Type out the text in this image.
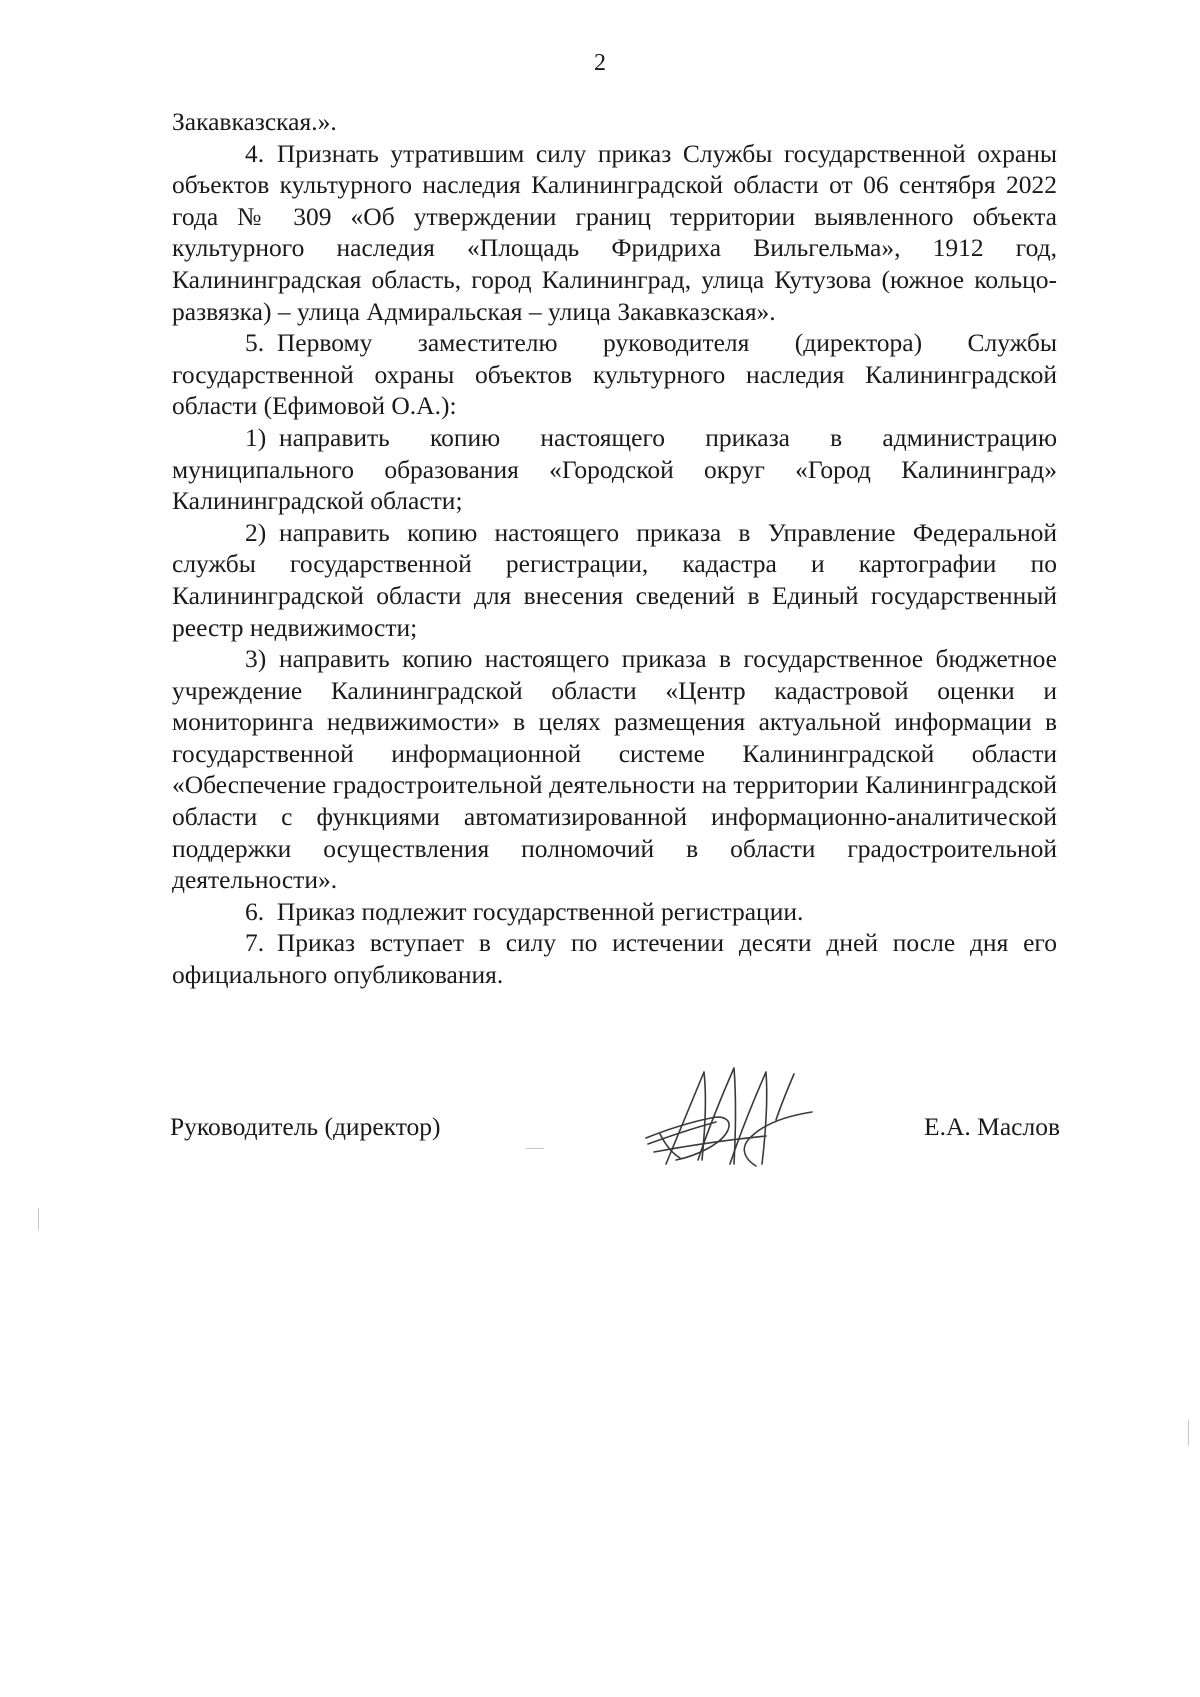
2

Закавказская.».

4. Признать утратившим силу приказ Службы государственной охраны объектов культурного наследия Калининградской области от 06 сентября 2022 года № 309 «Об утверждении границ территории выявленного объекта культурного наследия «Площадь Фридриха Вильгельма», 1912 год, Калининградская область, город Калининград, улица Кутузова (южное кольцо-развязка) – улица Адмиральская – улица Закавказская».

5. Первому заместителю руководителя (директора) Службы государственной охраны объектов культурного наследия Калининградской области (Ефимовой О.А.):

1) направить копию настоящего приказа в администрацию муниципального образования «Городской округ «Город Калининград» Калининградской области;

2) направить копию настоящего приказа в Управление Федеральной службы государственной регистрации, кадастра и картографии по Калининградской области для внесения сведений в Единый государственный реестр недвижимости;

3) направить копию настоящего приказа в государственное бюджетное учреждение Калининградской области «Центр кадастровой оценки и мониторинга недвижимости» в целях размещения актуальной информации в государственной информационной системе Калининградской области «Обеспечение градостроительной деятельности на территории Калининградской области с функциями автоматизированной информационно-аналитической поддержки осуществления полномочий в области градостроительной деятельности».

6. Приказ подлежит государственной регистрации.

7. Приказ вступает в силу по истечении десяти дней после дня его официального опубликования.

Руководитель (директор)	Е.А. Маслов
